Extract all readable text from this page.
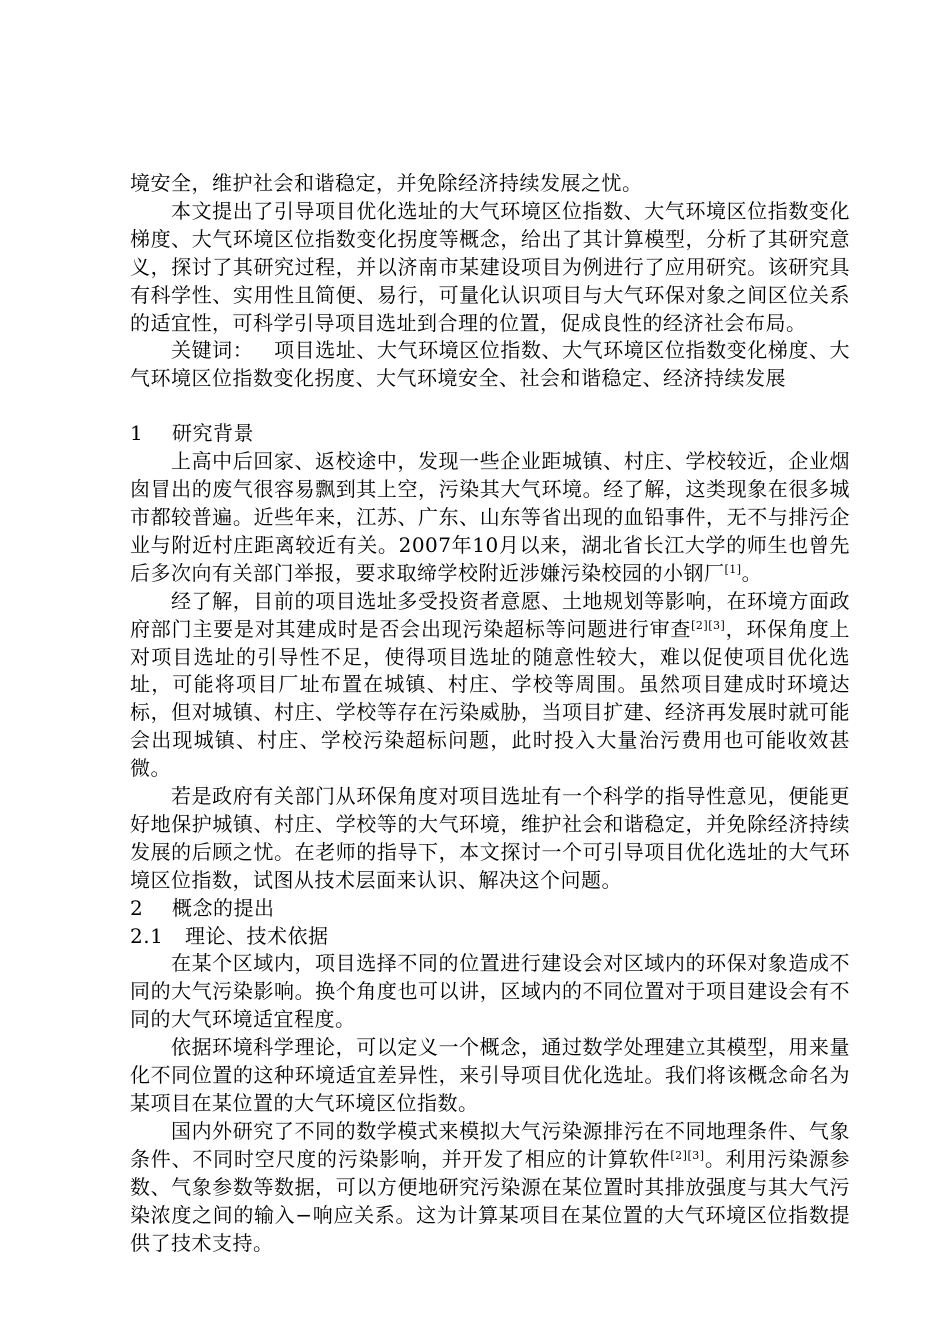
境安全，维护社会和谐稳定，并免除经济持续发展之忧。

本文提出了引导项目优化选址的大气环境区位指数、大气环境区位指数变化梯度、大气环境区位指数变化拐度等概念，给出了其计算模型，分析了其研究意义，探讨了其研究过程，并以济南市某建设项目为例进行了应用研究。该研究具有科学性、实用性且简便、易行，可量化认识项目与大气环保对象之间区位关系的适宜性，可科学引导项目选址到合理的位置，促成良性的经济社会布局。

关键词： 项目选址、大气环境区位指数、大气环境区位指数变化梯度、大气环境区位指数变化拐度、大气环境安全、社会和谐稳定、经济持续发展

1 研究背景

上高中后回家、返校途中，发现一些企业距城镇、村庄、学校较近，企业烟囱冒出的废气很容易飘到其上空，污染其大气环境。经了解，这类现象在很多城市都较普遍。近些年来，江苏、广东、山东等省出现的血铅事件，无不与排污企业与附近村庄距离较近有关。2007年10月以来，湖北省长江大学的师生也曾先后多次向有关部门举报，要求取缔学校附近涉嫌污染校园的小钢厂[1]。

经了解，目前的项目选址多受投资者意愿、土地规划等影响，在环境方面政府部门主要是对其建成时是否会出现污染超标等问题进行审查[2][3]，环保角度上对项目选址的引导性不足，使得项目选址的随意性较大，难以促使项目优化选址，可能将项目厂址布置在城镇、村庄、学校等周围。虽然项目建成时环境达标，但对城镇、村庄、学校等存在污染威胁，当项目扩建、经济再发展时就可能会出现城镇、村庄、学校污染超标问题，此时投入大量治污费用也可能收效甚微。

若是政府有关部门从环保角度对项目选址有一个科学的指导性意见，便能更好地保护城镇、村庄、学校等的大气环境，维护社会和谐稳定，并免除经济持续发展的后顾之忧。在老师的指导下，本文探讨一个可引导项目优化选址的大气环境区位指数，试图从技术层面来认识、解决这个问题。

2 概念的提出
2.1 理论、技术依据

在某个区域内，项目选择不同的位置进行建设会对区域内的环保对象造成不同的大气污染影响。换个角度也可以讲，区域内的不同位置对于项目建设会有不同的大气环境适宜程度。

依据环境科学理论，可以定义一个概念，通过数学处理建立其模型，用来量化不同位置的这种环境适宜差异性，来引导项目优化选址。我们将该概念命名为某项目在某位置的大气环境区位指数。

国内外研究了不同的数学模式来模拟大气污染源排污在不同地理条件、气象条件、不同时空尺度的污染影响，并开发了相应的计算软件[2][3]。利用污染源参数、气象参数等数据，可以方便地研究污染源在某位置时其排放强度与其大气污染浓度之间的输入−响应关系。这为计算某项目在某位置的大气环境区位指数提供了技术支持。
